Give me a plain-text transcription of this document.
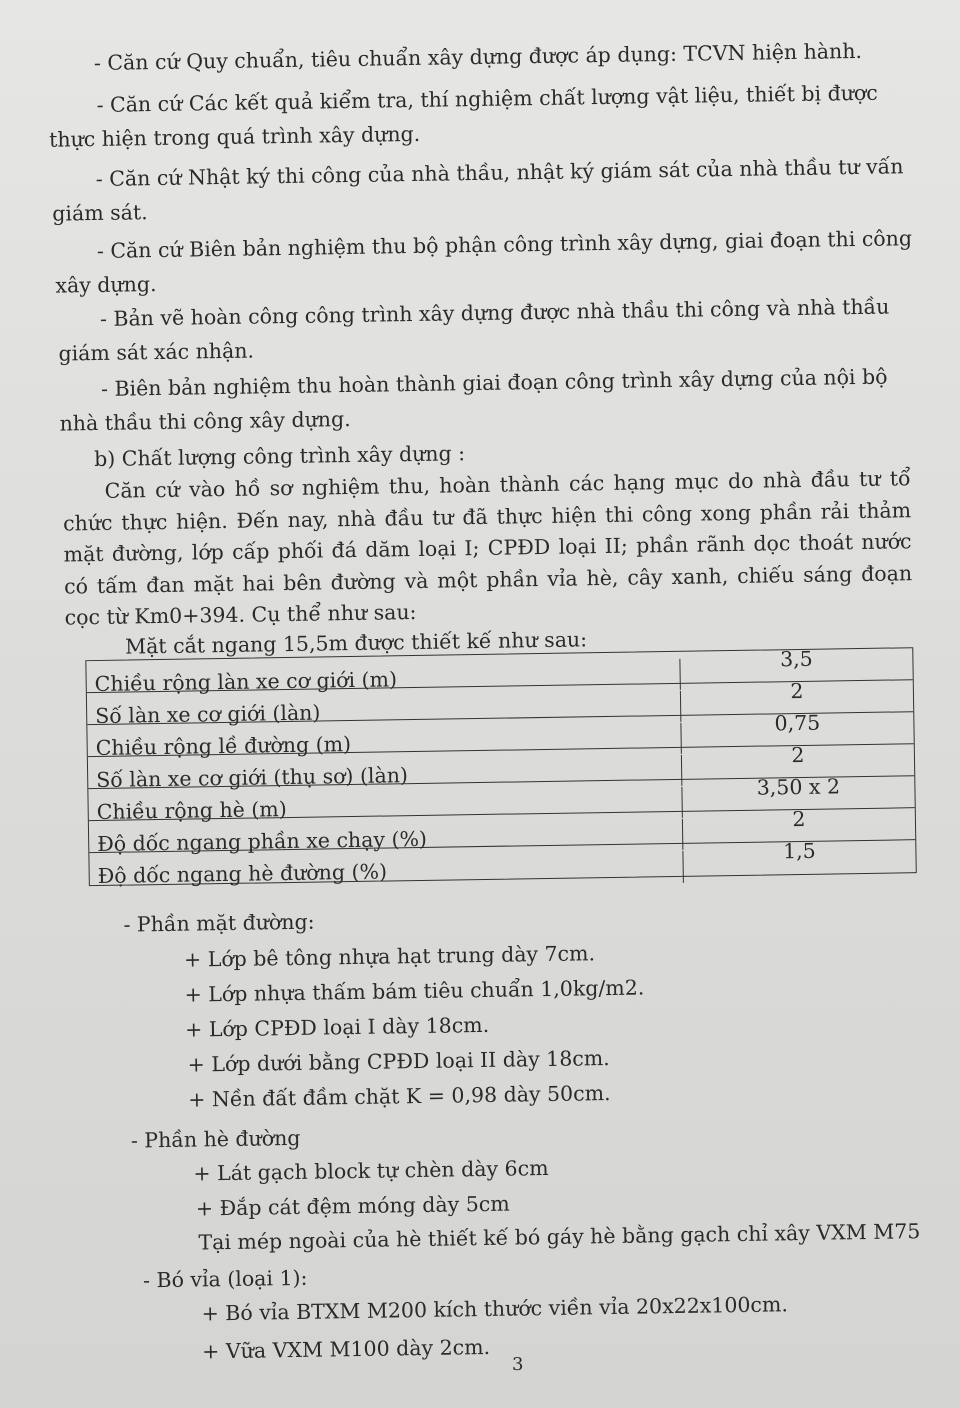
- Căn cứ Quy chuẩn, tiêu chuẩn xây dựng được áp dụng: TCVN hiện hành.
- Căn cứ Các kết quả kiểm tra, thí nghiệm chất lượng vật liệu, thiết bị được
thực hiện trong quá trình xây dựng.
- Căn cứ Nhật ký thi công của nhà thầu, nhật ký giám sát của nhà thầu tư vấn
giám sát.
- Căn cứ Biên bản nghiệm thu bộ phận công trình xây dựng, giai đoạn thi công
xây dựng.
- Bản vẽ hoàn công công trình xây dựng được nhà thầu thi công và nhà thầu
giám sát xác nhận.
- Biên bản nghiệm thu hoàn thành giai đoạn công trình xây dựng của nội bộ
nhà thầu thi công xây dựng.
b) Chất lượng công trình xây dựng :
Căn cứ vào hồ sơ nghiệm thu, hoàn thành các hạng mục do nhà đầu tư tổ chức thực hiện. Đến nay, nhà đầu tư đã thực hiện thi công xong phần rải thảm mặt đường, lớp cấp phối đá dăm loại I; CPĐD loại II; phần rãnh dọc thoát nước có tấm đan mặt hai bên đường và một phần vỉa hè, cây xanh, chiếu sáng đoạn cọc từ Km0+394. Cụ thể như sau:
Mặt cắt ngang 15,5m được thiết kế như sau:
Chiều rộng làn xe cơ giới (m)
3,5
Số làn xe cơ giới (làn)
2
Chiều rộng lề đường (m)
0,75
Số làn xe cơ giới (thụ sơ) (làn)
2
Chiều rộng hè (m)
3,50 x 2
Độ dốc ngang phần xe chạy (%)
2
Độ dốc ngang hè đường (%)
1,5
- Phần mặt đường:
+ Lớp bê tông nhựa hạt trung dày 7cm.
+ Lớp nhựa thấm bám tiêu chuẩn 1,0kg/m2.
+ Lớp CPĐD loại I dày 18cm.
+ Lớp dưới bằng CPĐD loại II dày 18cm.
+ Nền đất đầm chặt K = 0,98 dày 50cm.
- Phần hè đường
+ Lát gạch block tự chèn dày 6cm
+ Đắp cát đệm móng dày 5cm
Tại mép ngoài của hè thiết kế bó gáy hè bằng gạch chỉ xây VXM M75
- Bó vỉa (loại 1):
+ Bó vỉa BTXM M200 kích thước viền vỉa 20x22x100cm.
+ Vữa VXM M100 dày 2cm.
3
